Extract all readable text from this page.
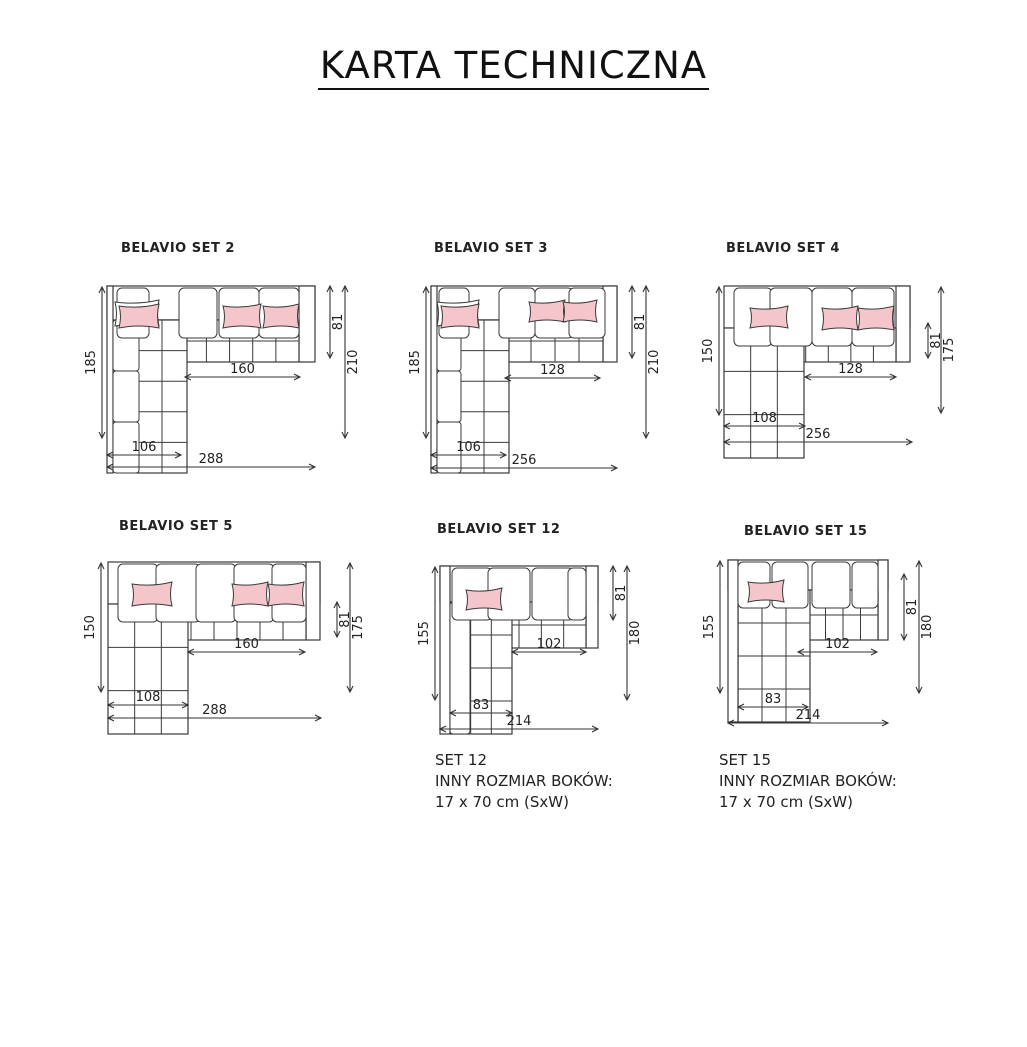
KARTA TECHNICZNA
BELAVIO SET 2	BELAVIO SET 3	BELAVIO SET 4
BELAVIO SET 5	BELAVIO SET 12	BELAVIO SET 15
SET 12
INNY ROZMIAR BOKÓW:
17 x 70 cm (SxW)
SET 15
INNY ROZMIAR BOKÓW:
17 x 70 cm (SxW)
160
106
288
185
81
210	128
106
256
185
81
210	128
108
256
150	81
175
160
108
288
150	81
175
102
83
214
155
81
180	102
83
214
155
81
180
